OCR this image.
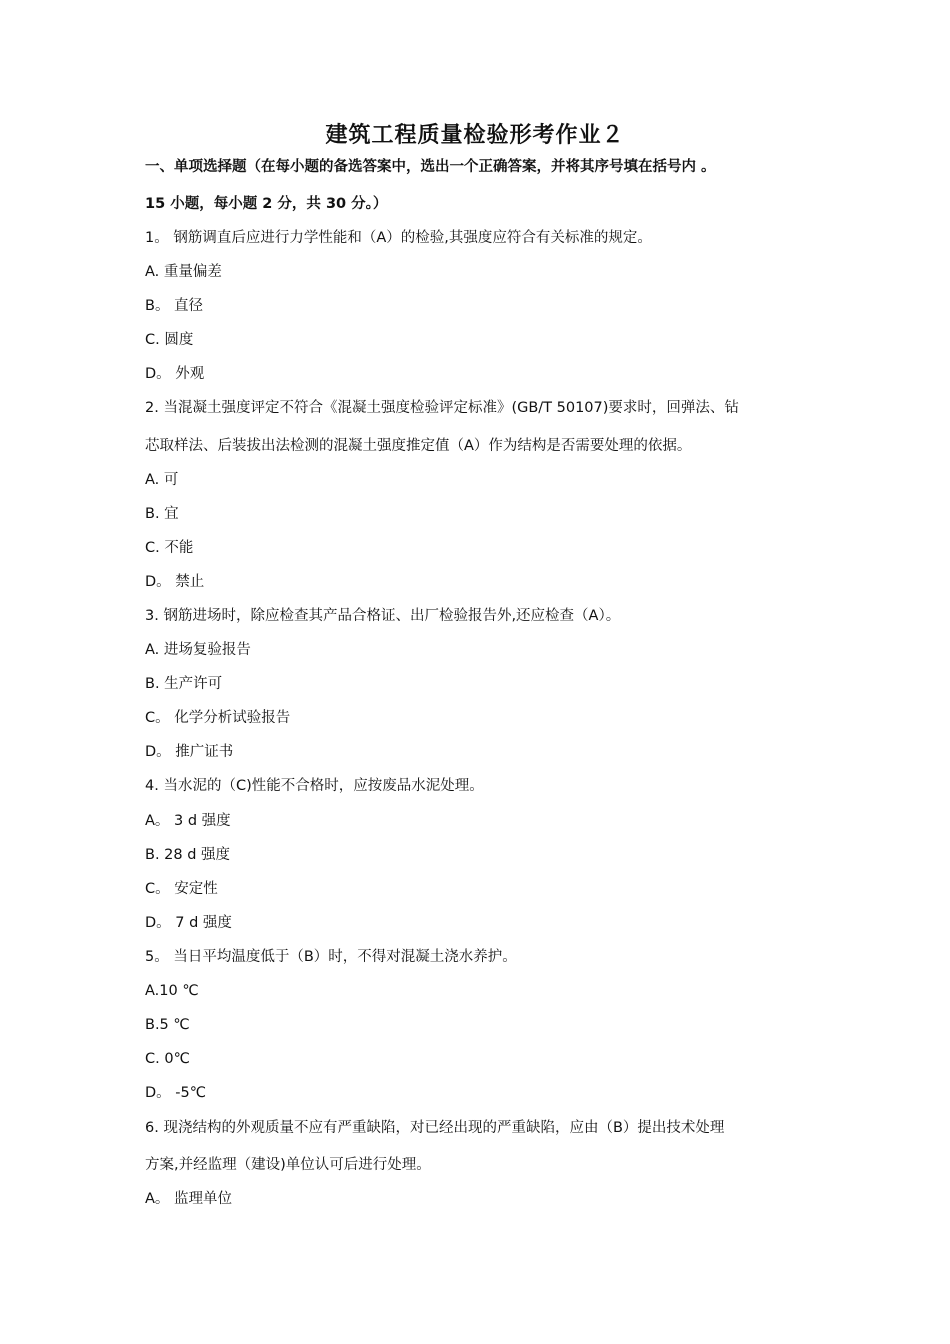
建筑工程质量检验形考作业２
一、单项选择题（在每小题的备选答案中，选出一个正确答案，并将其序号填在括号内 。
15 小题，每小题 2 分，共 30 分。）
1。 钢筋调直后应进行力学性能和（A）的检验,其强度应符合有关标准的规定。
A. 重量偏差
B。 直径
C. 圆度
D。 外观
2. 当混凝土强度评定不符合《混凝土强度检验评定标准》(GB/T 50107)要求时，回弹法、钻
芯取样法、后装拔出法检测的混凝土强度推定值（A）作为结构是否需要处理的依据。
A. 可
B. 宜
C. 不能
D。 禁止
3. 钢筋进场时，除应检查其产品合格证、出厂检验报告外,还应检查（A）。
A. 进场复验报告
B. 生产许可
C。 化学分析试验报告
D。 推广证书
4. 当水泥的（C)性能不合格时，应按废品水泥处理。
A。 3 d 强度
B. 28 d 强度
C。 安定性
D。 7 d 强度
5。 当日平均温度低于（B）时，不得对混凝土浇水养护。
A.10 ℃
B.5 ℃
C. 0℃
D。 -5℃
6. 现浇结构的外观质量不应有严重缺陷，对已经出现的严重缺陷，应由（B）提出技术处理
方案,并经监理（建设)单位认可后进行处理。
A。 监理单位
